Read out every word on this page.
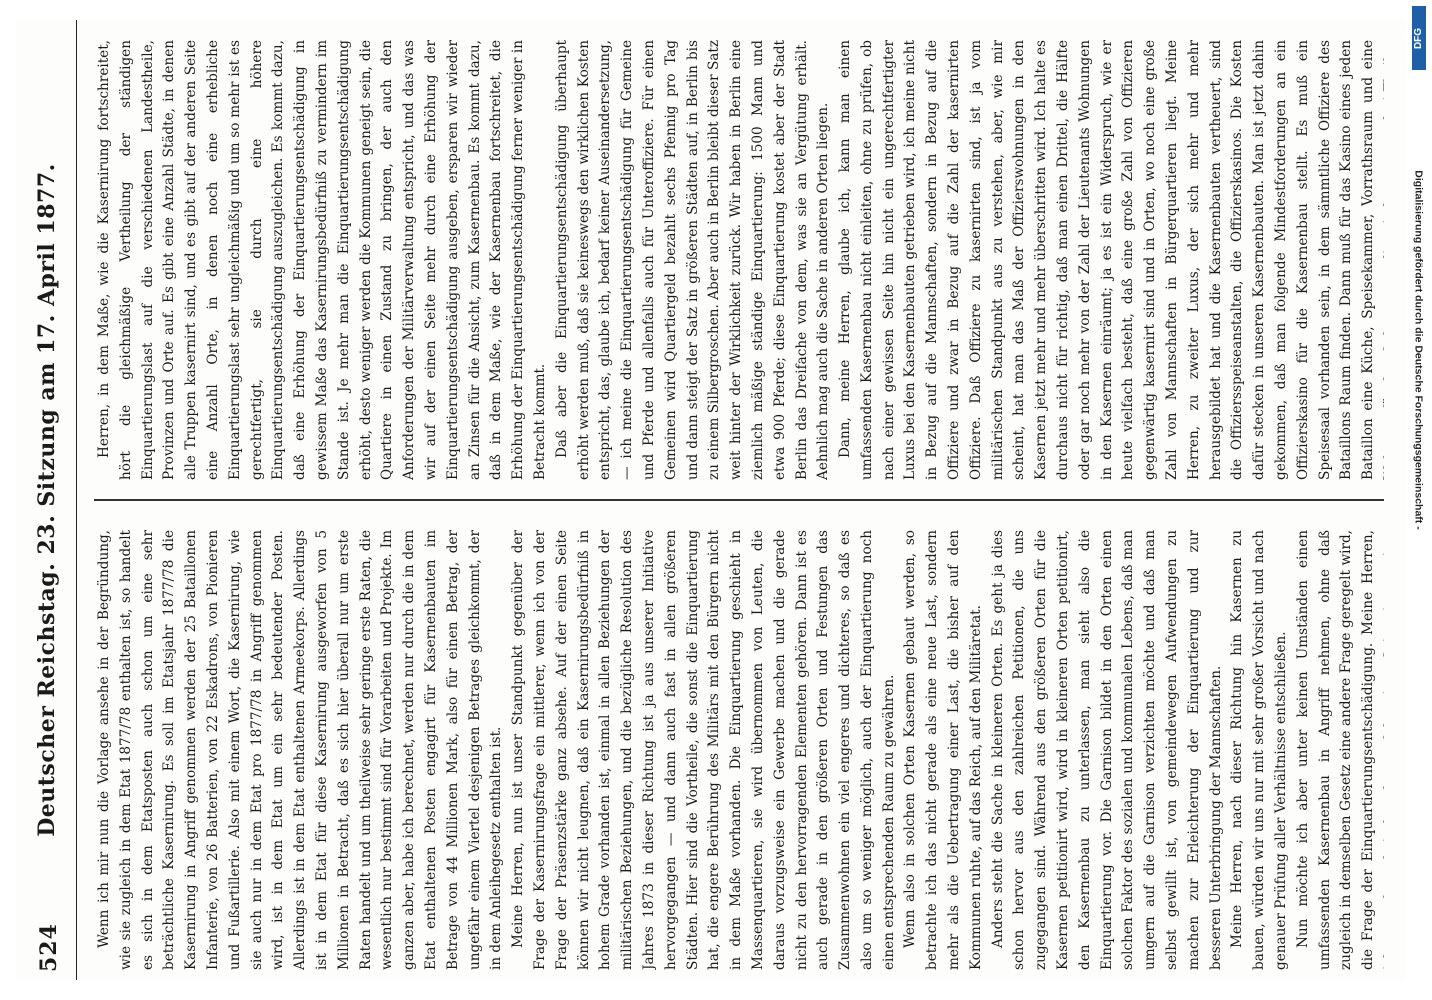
524
Deutscher Reichstag. 23. Sitzung am 17. April 1877.	Wenn ich mir nun die Vorlage ansehe in der Begründung, wie sie zugleich in dem Etat 1877/78 enthalten ist, so handelt es sich in dem Etatsposten auch schon um eine sehr beträchtliche Kasernirung. Es soll im Etatsjahr 1877/78 die Kasernirung in Angriff genommen werden der 25 Bataillonen Infanterie, von 26 Batterien, von 22 Eskadrons, von Pionieren und Fußartillerie. Also mit einem Wort, die Kasernirung, wie sie auch nur in dem Etat pro 1877/78 in Angriff genommen wird, ist in dem Etat um ein sehr bedeutender Posten. Allerdings ist in dem Etat enthaltenen Armeekorps. Allerdings ist in dem Etat für diese Kasernirung ausgeworfen von 5 Millionen in Betracht, daß es sich hier überall nur um erste Raten handelt und um theilweise sehr geringe erste Raten, die wesentlich nur bestimmt sind für Vorarbeiten und Projekte. Im ganzen aber, habe ich berechnet, werden nur durch die in dem Etat enthaltenen Posten engagirt für Kasernenbauten im Betrage von 44 Millionen Mark, also für einen Betrag, der ungefähr einem Viertel desjenigen Betrages gleichkommt, der in dem Anleihegesetz enthalten ist. Meine Herren, nun ist unser Standpunkt gegenüber der Frage der Kasernirungsfrage ein mittlerer, wenn ich von der Frage der Präsenzstärke ganz absehe. Auf der einen Seite können wir nicht leugnen, daß ein Kasernirungsbedürfniß in hohem Grade vorhanden ist, einmal in allen Beziehungen der militärischen Beziehungen, und die bezügliche Resolution des Jahres 1873 in dieser Richtung ist ja aus unserer Initiative hervorgegangen — und dann auch fast in allen größeren Städten. Hier sind die Vortheile, die sonst die Einquartierung hat, die engere Berührung des Militärs mit den Bürgern nicht in dem Maße vorhanden. Die Einquartierung geschieht in Massenquartieren, sie wird übernommen von Leuten, die daraus vorzugsweise ein Gewerbe machen und die gerade nicht zu den hervorragenden Elementen gehören. Dann ist es auch gerade in den größeren Orten und Festungen das Zusammenwohnen ein viel engeres und dichteres, so daß es also um so weniger möglich, auch der Einquartierung noch einen entsprechenden Raum zu gewähren. Wenn also in solchen Orten Kasernen gebaut werden, so betrachte ich das nicht gerade als eine neue Last, sondern mehr als die Uebertragung einer Last, die bisher auf den Kommunen ruhte, auf das Reich, auf den Militäretat. Anders steht die Sache in kleineren Orten. Es geht ja dies schon hervor aus den zahlreichen Petitionen, die uns zugegangen sind. Während aus den größeren Orten für die Kasernen petitionirt wird, wird in kleineren Orten petitionirt, den Kasernenbau zu unterlassen, man sieht also die Einquartierung vor. Die Garnison bildet in den Orten einen solchen Faktor des sozialen und kommunalen Lebens, daß man umgern auf die Garnison verzichten möchte und daß man selbst gewillt ist, von gemeindewegen Aufwendungen zu machen zur Erleichterung der Einquartierung und zur besseren Unterbringung der Mannschaften. Meine Herren, nach dieser Richtung hin Kasernen zu bauen, würden wir uns nur mit sehr großer Vorsicht und nach genauer Prüfung aller Verhältnisse entschließen. Nun möchte ich aber unter keinen Umständen einen umfassenden Kasernenbau in Angriff nehmen, ohne daß zugleich in demselben Gesetz eine andere Frage geregelt wird, die Frage der Einquartierungsentschädigung. Meine Herren,

Herren, in dem Maße, wie die Kasernirung fortschreitet, hört die gleichmäßige Vertheilung der ständigen Einquartierungslast auf die verschiedenen Landestheile, Provinzen und Orte auf. Es gibt eine Anzahl Städte, in denen alle Truppen kasernirt sind, und es gibt auf der anderen Seite eine Anzahl Orte, in denen noch eine erhebliche Einquartierungslast sehr ungleichmäßig und um so mehr ist es gerechtfertigt, sie durch eine höhere Einquartierungsentschädigung auszugleichen. Es kommt dazu, daß eine Erhöhung der Einquartierungsentschädigung in gewissem Maße das Kasernirungsbedürfniß zu vermindern im Stande ist. Je mehr man die Einquartierungsentschädigung erhöht, desto weniger werden die Kommunen geneigt sein, die Quartiere in einen Zustand zu bringen, der auch den Anforderungen der Militärverwaltung entspricht, und das was wir auf der einen Seite mehr durch eine Erhöhung der Einquartierungsentschädigung ausgeben, ersparen wir wieder an Zinsen für die Ansicht, zum Kasernenbau. Es kommt dazu, daß in dem Maße, wie der Kasernenbau fortschreitet, die Erhöhung der Einquartierungsentschädigung ferner weniger in Betracht kommt. Daß aber die Einquartierungsentschädigung überhaupt erhöht werden muß, daß sie keineswegs den wirklichen Kosten entspricht, das, glaube ich, bedarf keiner Auseinandersetzung, — ich meine die Einquartierungsentschädigung für Gemeine und Pferde und allenfalls auch für Unteroffiziere. Für einen Gemeinen wird Quartiergeld bezahlt sechs Pfennig pro Tag und dann steigt der Satz in größeren Städten auf, in Berlin bis zu einem Silbergroschen. Aber auch in Berlin bleibt dieser Satz weit hinter der Wirklichkeit zurück. Wir haben in Berlin eine ziemlich mäßige ständige Einquartierung: 1500 Mann und etwa 900 Pferde; diese Einquartierung kostet aber der Stadt Berlin das Dreifache von dem, was sie an Vergütung erhält. Aehnlich mag auch die Sache in anderen Orten liegen. Dann, meine Herren, glaube ich, kann man einen umfassenden Kasernenbau nicht einleiten, ohne zu prüfen, ob nach einer gewissen Seite hin nicht ein ungerechtfertigter Luxus bei den Kasernenbauten getrieben wird, ich meine nicht in Bezug auf die Mannschaften, sondern in Bezug auf die Offiziere und zwar in Bezug auf die Zahl der kasernirten Offiziere. Daß Offiziere zu kasernirten sind, ist ja vom militärischen Standpunkt aus zu verstehen, aber, wie mir scheint, hat man das Maß der Offizierswohnungen in den Kasernen jetzt mehr und mehr überschritten wird. Ich halte es durchaus nicht für richtig, daß man einen Drittel, die Hälfte oder gar noch mehr von der Zahl der Lieutenants Wohnungen in den Kasernen einräumt; ja es ist ein Widerspruch, wie er heute vielfach besteht, daß eine große Zahl von Offizieren gegenwärtig kasernirt sind und in Orten, wo noch eine große Zahl von Mannschaften in Bürgerquartieren liegt. Meine Herren, zu zweiter Luxus, der sich mehr und mehr herausgebildet hat und die Kasernenbauten vertheuert, sind die Offiziersspeiseanstalten, die Offizierskasinos. Die Kosten dafür stecken in unseren Kasernenbauten. Man ist jetzt dahin gekommen, daß man folgende Mindestforderungen an ein Offizierskasino für die Kasernenbau stellt. Es muß ein Speisesaal vorhanden sein, in dem sämmtliche Offiziere des Bataillons Raum finden. Dann muß für das Kasino eines jeden Bataillon eine Küche, Speisekammer, Vorrathsraum und eine

DFG
Digitalisierung gefördert durch die Deutsche Forschungsgemeinschaft -
